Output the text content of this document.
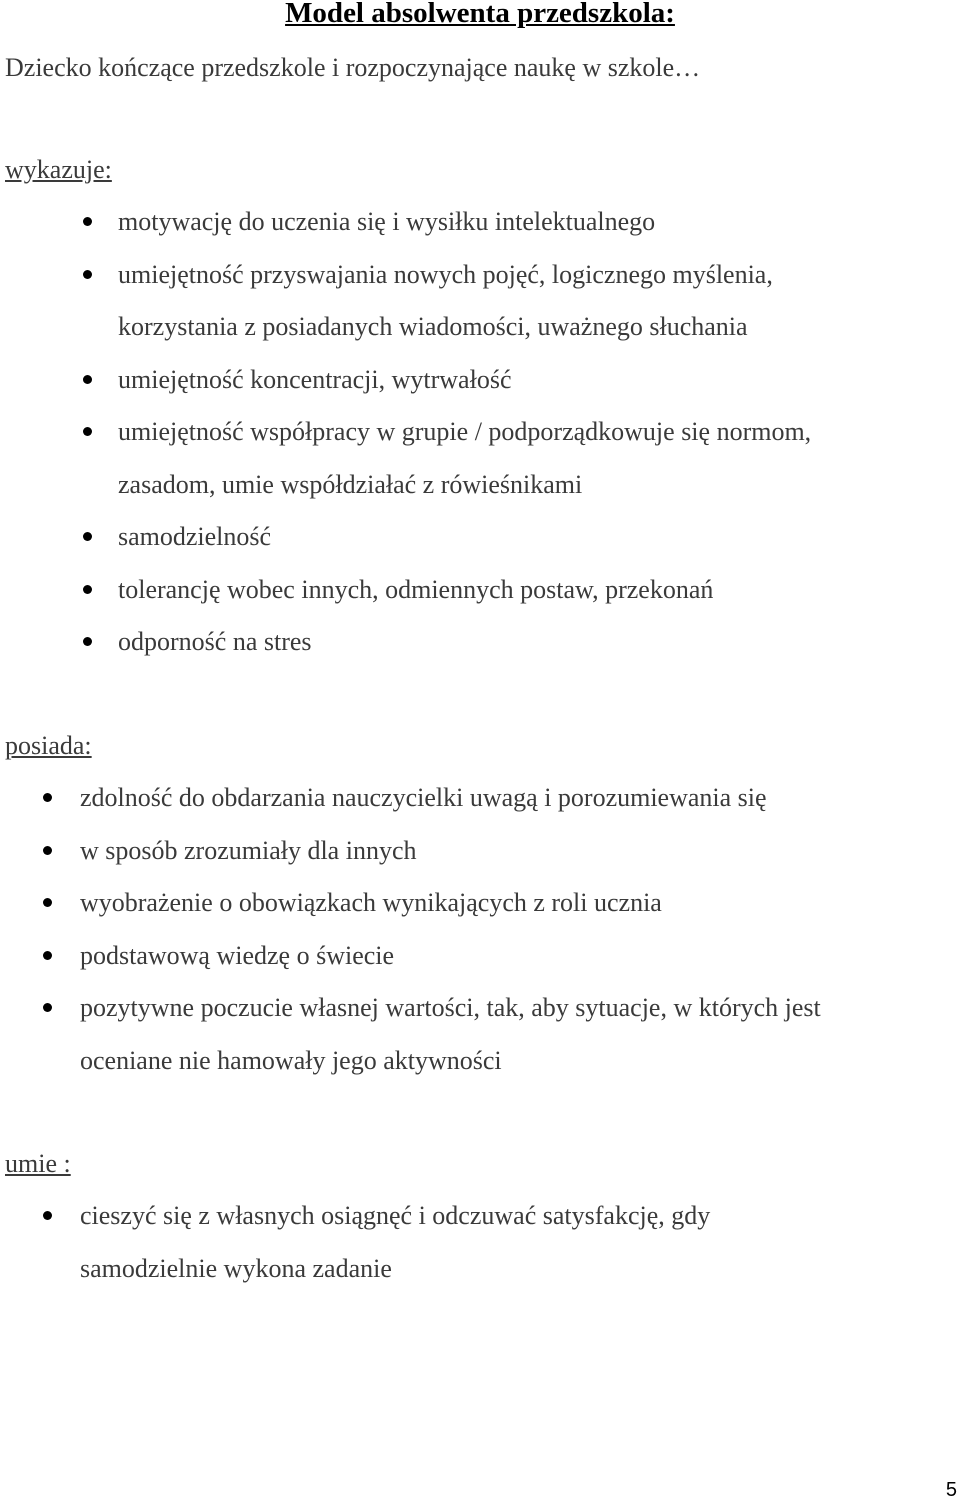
Model absolwenta przedszkola:

Dziecko kończące przedszkole i rozpoczynające naukę w szkole…

wykazuje:

motywację do uczenia się i wysiłku intelektualnego
umiejętność przyswajania nowych pojęć, logicznego myślenia,
korzystania z posiadanych wiadomości, uważnego słuchania
umiejętność koncentracji, wytrwałość
umiejętność współpracy w grupie / podporządkowuje się normom,
zasadom, umie współdziałać z rówieśnikami
samodzielność
tolerancję wobec innych, odmiennych postaw, przekonań
odporność na stres

posiada:

zdolność do obdarzania nauczycielki uwagą i porozumiewania się
w sposób zrozumiały dla innych
wyobrażenie o obowiązkach wynikających z roli ucznia
podstawową wiedzę o świecie
pozytywne poczucie własnej wartości, tak, aby sytuacje, w których jest
oceniane nie hamowały jego aktywności

umie :

cieszyć się z własnych osiągnęć i odczuwać satysfakcję, gdy
samodzielnie wykona zadanie
5
